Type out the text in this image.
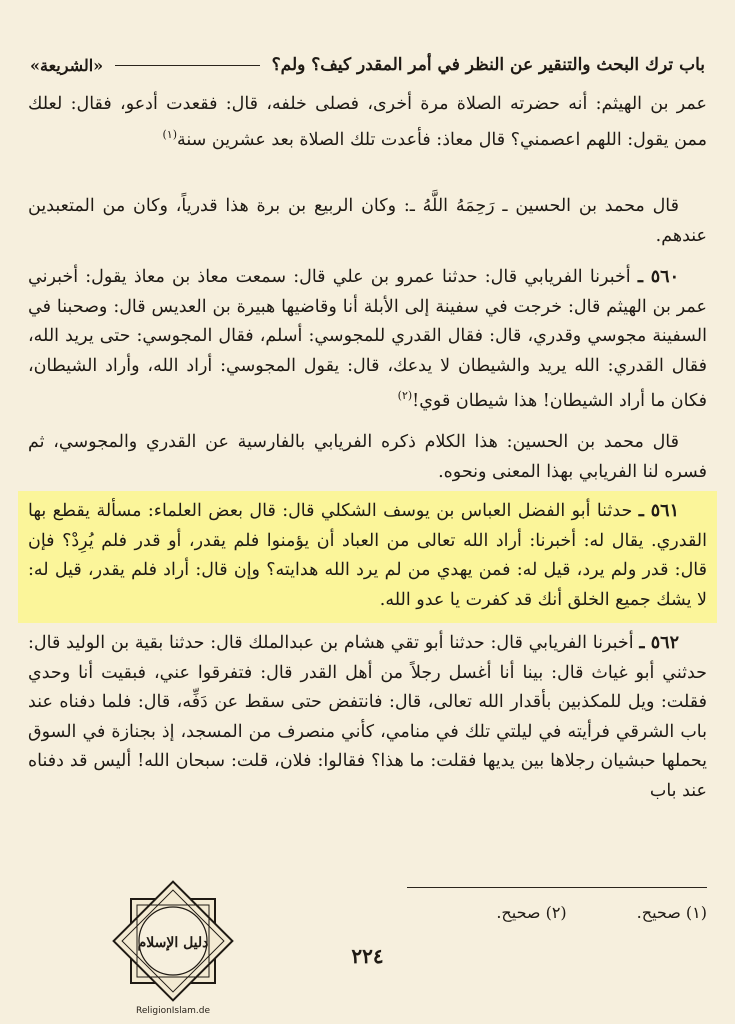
باب ترك البحث والتنقير عن النظر في أمر المقدر كيف؟ ولم؟
«الشريعة»

عمر بن الهيثم: أنه حضرته الصلاة مرة أخرى، فصلى خلفه، قال: فقعدت أدعو، فقال: لعلك ممن يقول: اللهم اعصمني؟ قال معاذ: فأعدت تلك الصلاة بعد عشرين سنة$^{(١)}$

قال محمد بن الحسين ـ رَحِمَهُ اللَّهُ ـ: وكان الربيع بن برة هذا قدرياً، وكان من المتعبدين عندهم.

٥٦٠ ـ أخبرنا الفريابي قال: حدثنا عمرو بن علي قال: سمعت معاذ بن معاذ يقول: أخبرني عمر بن الهيثم قال: خرجت في سفينة إلى الأبلة أنا وقاضيها هبيرة بن العديس قال: وصحبنا في السفينة مجوسي وقدري، قال: فقال القدري للمجوسي: أسلم، فقال المجوسي: حتى يريد الله، فقال القدري: الله يريد والشيطان لا يدعك، قال: يقول المجوسي: أراد الله، وأراد الشيطان، فكان ما أراد الشيطان! هذا شيطان قوي!$^{(٢)}$

قال محمد بن الحسين: هذا الكلام ذكره الفريابي بالفارسية عن القدري والمجوسي، ثم فسره لنا الفريابي بهذا المعنى ونحوه.

٥٦١ ـ حدثنا أبو الفضل العباس بن يوسف الشكلي قال: قال بعض العلماء: مسألة يقطع بها القدري. يقال له: أخبرنا: أراد الله تعالى من العباد أن يؤمنوا فلم يقدر، أو قدر فلم يُرِدْ؟ فإن قال: قدر ولم يرد، قيل له: فمن يهدي من لم يرد الله هدايته؟ وإن قال: أراد فلم يقدر، قيل له: لا يشك جميع الخلق أنك قد كفرت يا عدو الله.

٥٦٢ ـ أخبرنا الفريابي قال: حدثنا أبو تقي هشام بن عبدالملك قال: حدثنا بقية بن الوليد قال: حدثني أبو غياث قال: بينا أنا أغسل رجلاً من أهل القدر قال: فتفرقوا عني، فبقيت أنا وحدي فقلت: ويل للمكذبين بأقدار الله تعالى، قال: فانتفض حتى سقط عن دَفِّه، قال: فلما دفناه عند باب الشرقي فرأيته في ليلتي تلك في منامي، كأني منصرف من المسجد، إذ بجنازة في السوق يحملها حبشيان رجلاها بين يديها فقلت: ما هذا؟ فقالوا: فلان، قلت: سبحان الله! أليس قد دفناه عند باب

(١) صحيح.
(٢) صحيح.
٢٢٤
دليل الإسلام
ReligionIslam.de
